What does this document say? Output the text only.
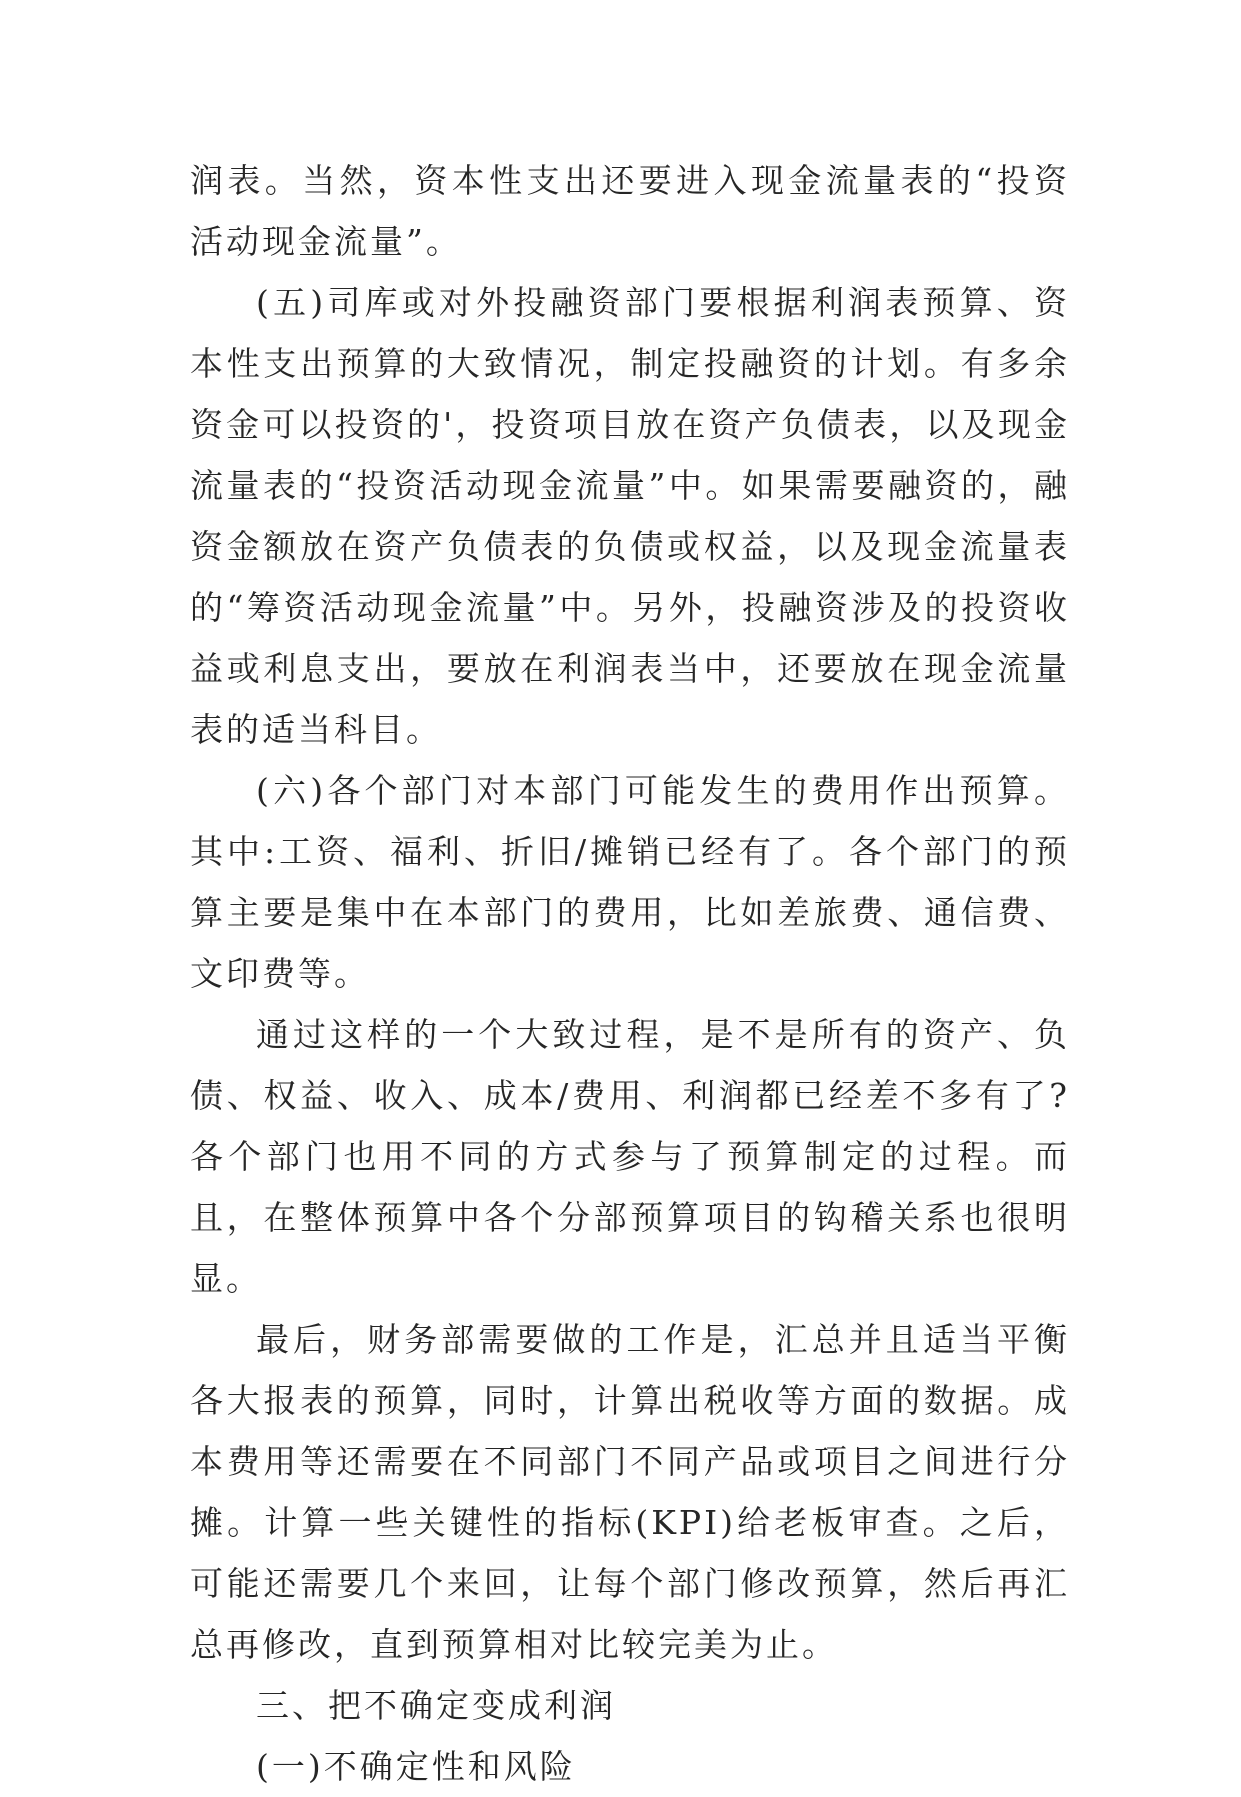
润表。当然，资本性支出还要进入现金流量表的“投资活动现金流量”。

(五)司库或对外投融资部门要根据利润表预算、资本性支出预算的大致情况，制定投融资的计划。有多余资金可以投资的'，投资项目放在资产负债表，以及现金流量表的“投资活动现金流量”中。如果需要融资的，融资金额放在资产负债表的负债或权益，以及现金流量表的“筹资活动现金流量”中。另外，投融资涉及的投资收益或利息支出，要放在利润表当中，还要放在现金流量表的适当科目。

(六)各个部门对本部门可能发生的费用作出预算。其中:工资、福利、折旧/摊销已经有了。各个部门的预算主要是集中在本部门的费用，比如差旅费、通信费、文印费等。

通过这样的一个大致过程，是不是所有的资产、负债、权益、收入、成本/费用、利润都已经差不多有了?各个部门也用不同的方式参与了预算制定的过程。而且，在整体预算中各个分部预算项目的钩稽关系也很明显。

最后，财务部需要做的工作是，汇总并且适当平衡各大报表的预算，同时，计算出税收等方面的数据。成本费用等还需要在不同部门不同产品或项目之间进行分摊。计算一些关键性的指标(KPI)给老板审查。之后，可能还需要几个来回，让每个部门修改预算，然后再汇总再修改，直到预算相对比较完美为止。

三、把不确定变成利润

(一)不确定性和风险
